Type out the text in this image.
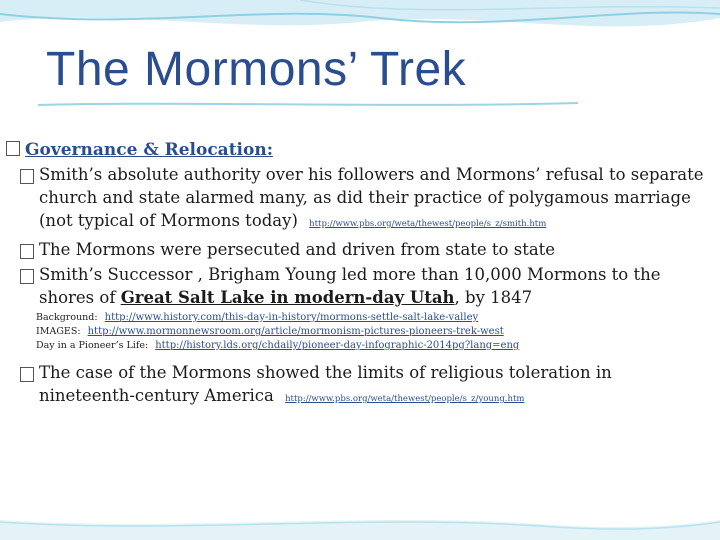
The Mormons’ Trek
Governance & Relocation:
Smith’s absolute authority over his followers and Mormons’ refusal to separate church and state alarmed many, as did their practice of polygamous marriage (not typical of Mormons today) http://www.pbs.org/weta/thewest/people/s_z/smith.htm
The Mormons were persecuted and driven from state to state
Smith’s Successor , Brigham Young led more than 10,000 Mormons to the shores of Great Salt Lake in modern-day Utah, by 1847
Background: http://www.history.com/this-day-in-history/mormons-settle-salt-lake-valley
IMAGES: http://www.mormonnewsroom.org/article/mormonism-pictures-pioneers-trek-west
Day in a Pioneer’s Life: http://history.lds.org/chdaily/pioneer-day-infographic-2014pg?lang=eng
The case of the Mormons showed the limits of religious toleration in nineteenth-century America http://www.pbs.org/weta/thewest/people/s_z/young.htm
